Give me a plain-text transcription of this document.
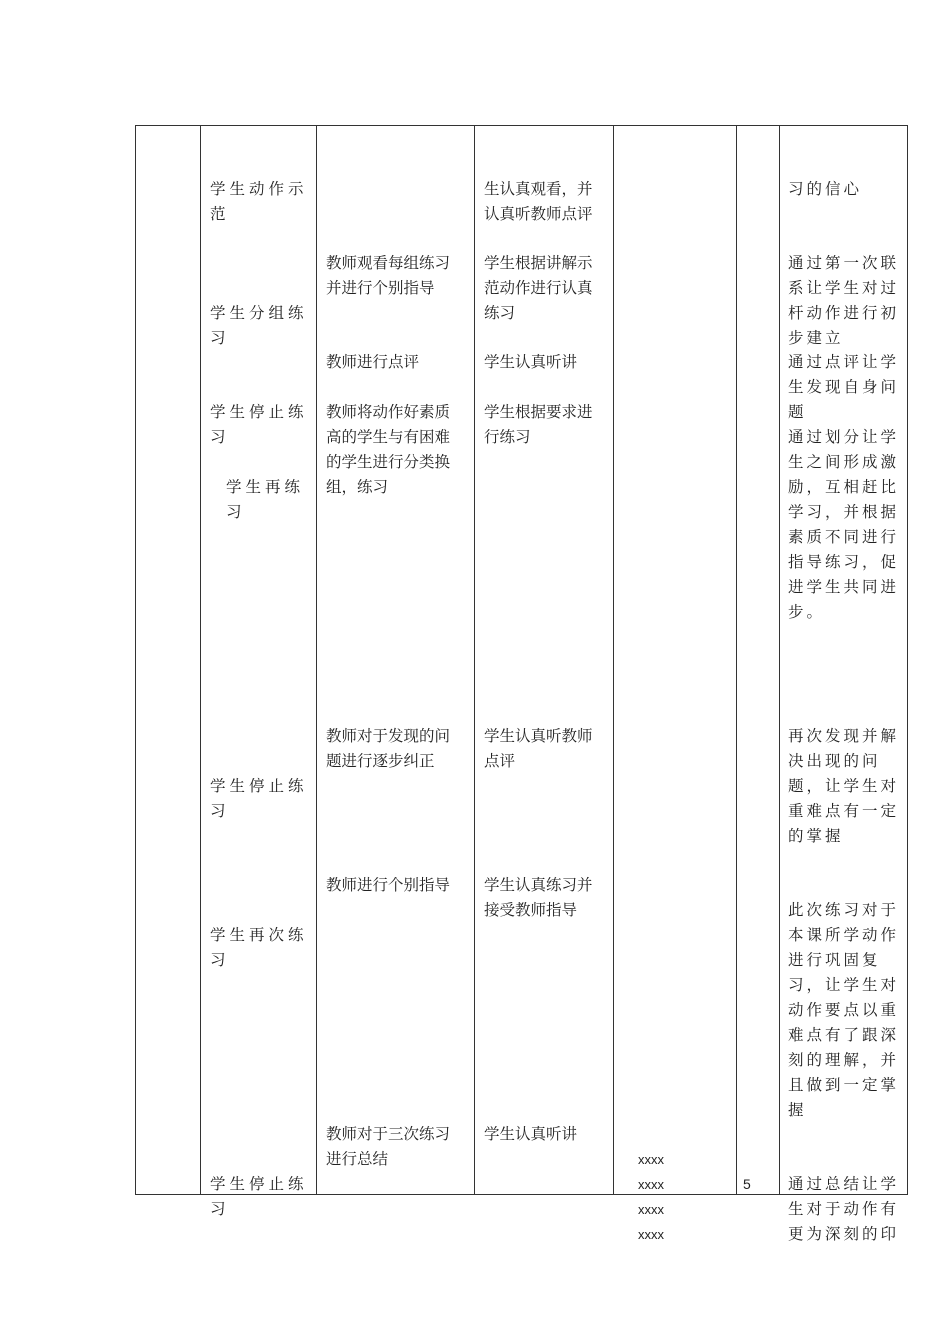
学生动作示
范

学生分组练
习

学生停止练
习

学生再练
习

学生停止练
习

学生再次练
习

学生停止练
习

教师观看每组练习
并进行个别指导

教师进行点评

教师将动作好素质
高的学生与有困难
的学生进行分类换
组，练习

教师对于发现的问
题进行逐步纠正

教师进行个别指导

教师对于三次练习
进行总结

生认真观看，并
认真听教师点评

学生根据讲解示
范动作进行认真
练习

学生认真听讲

学生根据要求进
行练习

学生认真听教师
点评

学生认真练习并
接受教师指导

学生认真听讲

xxxx
xxxx
xxxx
xxxx

5

习的信心

通过第一次联
系让学生对过
杆动作进行初
步建立

通过点评让学
生发现自身问
题

通过划分让学
生之间形成激
励，互相赶比
学习，并根据
素质不同进行
指导练习，促
进学生共同进
步。

再次发现并解
决出现的问
题，让学生对
重难点有一定
的掌握

此次练习对于
本课所学动作
进行巩固复
习，让学生对
动作要点以重
难点有了跟深
刻的理解，并
且做到一定掌
握

通过总结让学
生对于动作有
更为深刻的印
